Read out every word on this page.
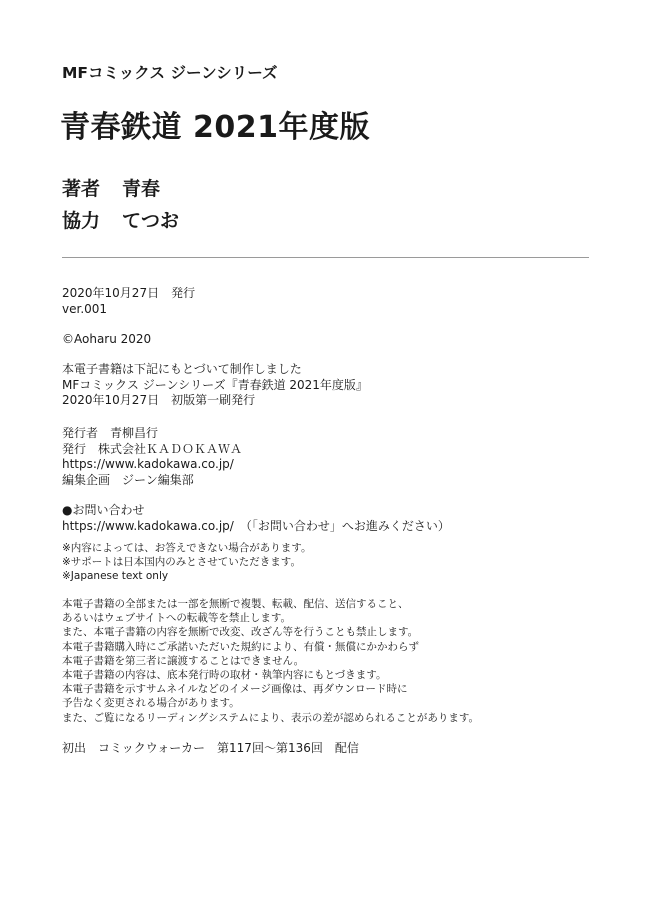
MFコミックス ジーンシリーズ
青春鉄道 2021年度版
著者 青春
協力 てつお
2020年10月27日　発行
ver.001
©Aoharu 2020
本電子書籍は下記にもとづいて制作しました
MFコミックス ジーンシリーズ『青春鉄道 2021年度版』
2020年10月27日　初版第一刷発行
発行者　青柳昌行
発行　株式会社ＫＡＤＯＫＡＷＡ
https://www.kadokawa.co.jp/
編集企画　ジーン編集部
●お問い合わせ
https://www.kadokawa.co.jp/　（「お問い合わせ」へお進みください）
※内容によっては、お答えできない場合があります。
※サポートは日本国内のみとさせていただきます。
※Japanese text only
本電子書籍の全部または一部を無断で複製、転載、配信、送信すること、
あるいはウェブサイトへの転載等を禁止します。
また、本電子書籍の内容を無断で改変、改ざん等を行うことも禁止します。
本電子書籍購入時にご承諾いただいた規約により、有償・無償にかかわらず
本電子書籍を第三者に譲渡することはできません。
本電子書籍の内容は、底本発行時の取材・執筆内容にもとづきます。
本電子書籍を示すサムネイルなどのイメージ画像は、再ダウンロード時に
予告なく変更される場合があります。
また、ご覧になるリーディングシステムにより、表示の差が認められることがあります。
初出　コミックウォーカー　第117回〜第136回　配信
